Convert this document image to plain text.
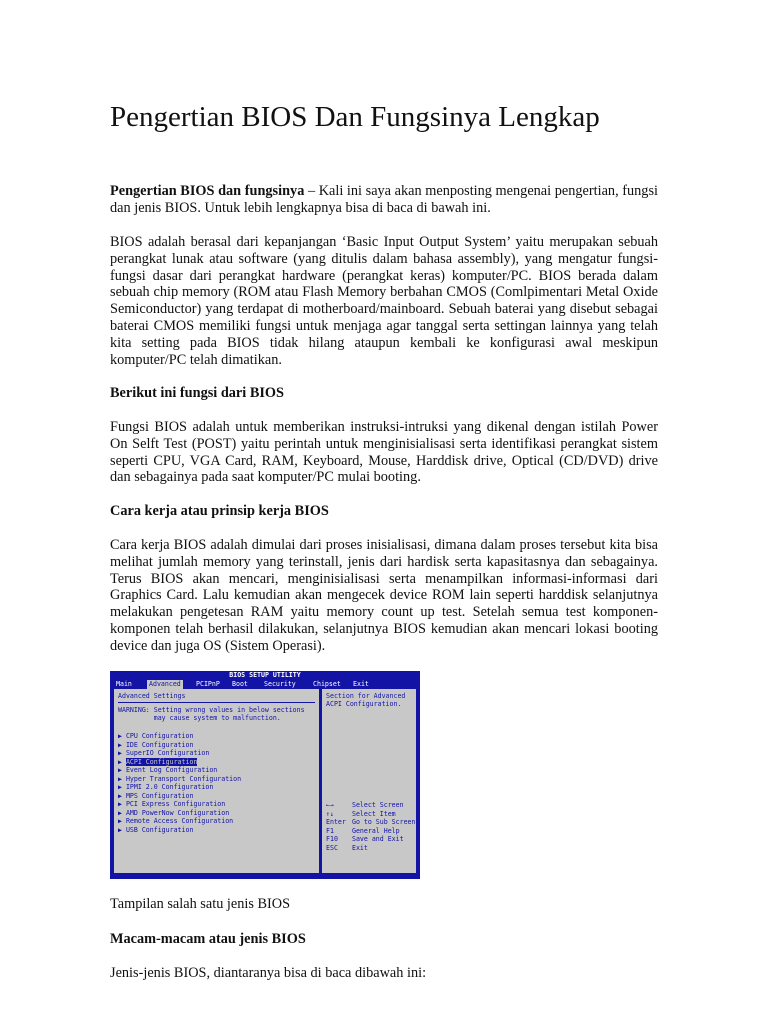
Pengertian BIOS Dan Fungsinya Lengkap

Pengertian BIOS dan fungsinya – Kali ini saya akan menposting mengenai pengertian, fungsi dan jenis BIOS. Untuk lebih lengkapnya bisa di baca di bawah ini.

BIOS adalah berasal dari kepanjangan ‘Basic Input Output System’ yaitu merupakan sebuah perangkat lunak atau software (yang ditulis dalam bahasa assembly), yang mengatur fungsi-fungsi dasar dari perangkat hardware (perangkat keras) komputer/PC. BIOS berada dalam sebuah chip memory (ROM atau Flash Memory berbahan CMOS (Comlpimentari Metal Oxide Semiconductor) yang terdapat di motherboard/mainboard. Sebuah baterai yang disebut sebagai baterai CMOS memiliki fungsi untuk menjaga agar tanggal serta settingan lainnya yang telah kita setting pada BIOS tidak hilang ataupun kembali ke konfigurasi awal meskipun komputer/PC telah dimatikan.

Berikut ini fungsi dari BIOS

Fungsi BIOS adalah untuk memberikan instruksi-intruksi yang dikenal dengan istilah Power On Selft Test (POST) yaitu perintah untuk menginisialisasi serta identifikasi perangkat sistem seperti CPU, VGA Card, RAM, Keyboard, Mouse, Harddisk drive, Optical (CD/DVD) drive dan sebagainya pada saat komputer/PC mulai booting.

Cara kerja atau prinsip kerja BIOS

Cara kerja BIOS adalah dimulai dari proses inisialisasi, dimana dalam proses tersebut kita bisa melihat jumlah memory yang terinstall, jenis dari hardisk serta kapasitasnya dan sebagainya. Terus BIOS akan mencari, menginisialisasi serta menampilkan informasi-informasi dari Graphics Card. Lalu kemudian akan mengecek device ROM lain seperti harddisk selanjutnya melakukan pengetesan RAM yaitu memory count up test. Setelah semua test komponen-komponen telah berhasil dilakukan, selanjutnya BIOS kemudian akan mencari lokasi booting device dan juga OS (Sistem Operasi).

BIOS SETUP UTILITY
Main	Advanced	PCIPnP Boot Security	Chipset Exit
Advanced Settings
WARNING: Setting wrong values in below sections
may cause system to malfunction.
▶ CPU Configuration
▶ IDE Configuration
▶ SuperIO Configuration
▶ ACPI Configuration
▶ Event Log Configuration
▶ Hyper Transport Configuration
▶ IPMI 2.0 Configuration
▶ MPS Configuration
▶ PCI Express Configuration
▶ AMD PowerNow Configuration
▶ Remote Access Configuration
▶ USB Configuration
Section for Advanced
ACPI Configuration.
←→	Select Screen
↑↓	Select Item
Enter Go to Sub Screen
F1	General Help
F10 Save and Exit
ESC Exit

Tampilan salah satu jenis BIOS

Macam-macam atau jenis BIOS

Jenis-jenis BIOS, diantaranya bisa di baca dibawah ini:
